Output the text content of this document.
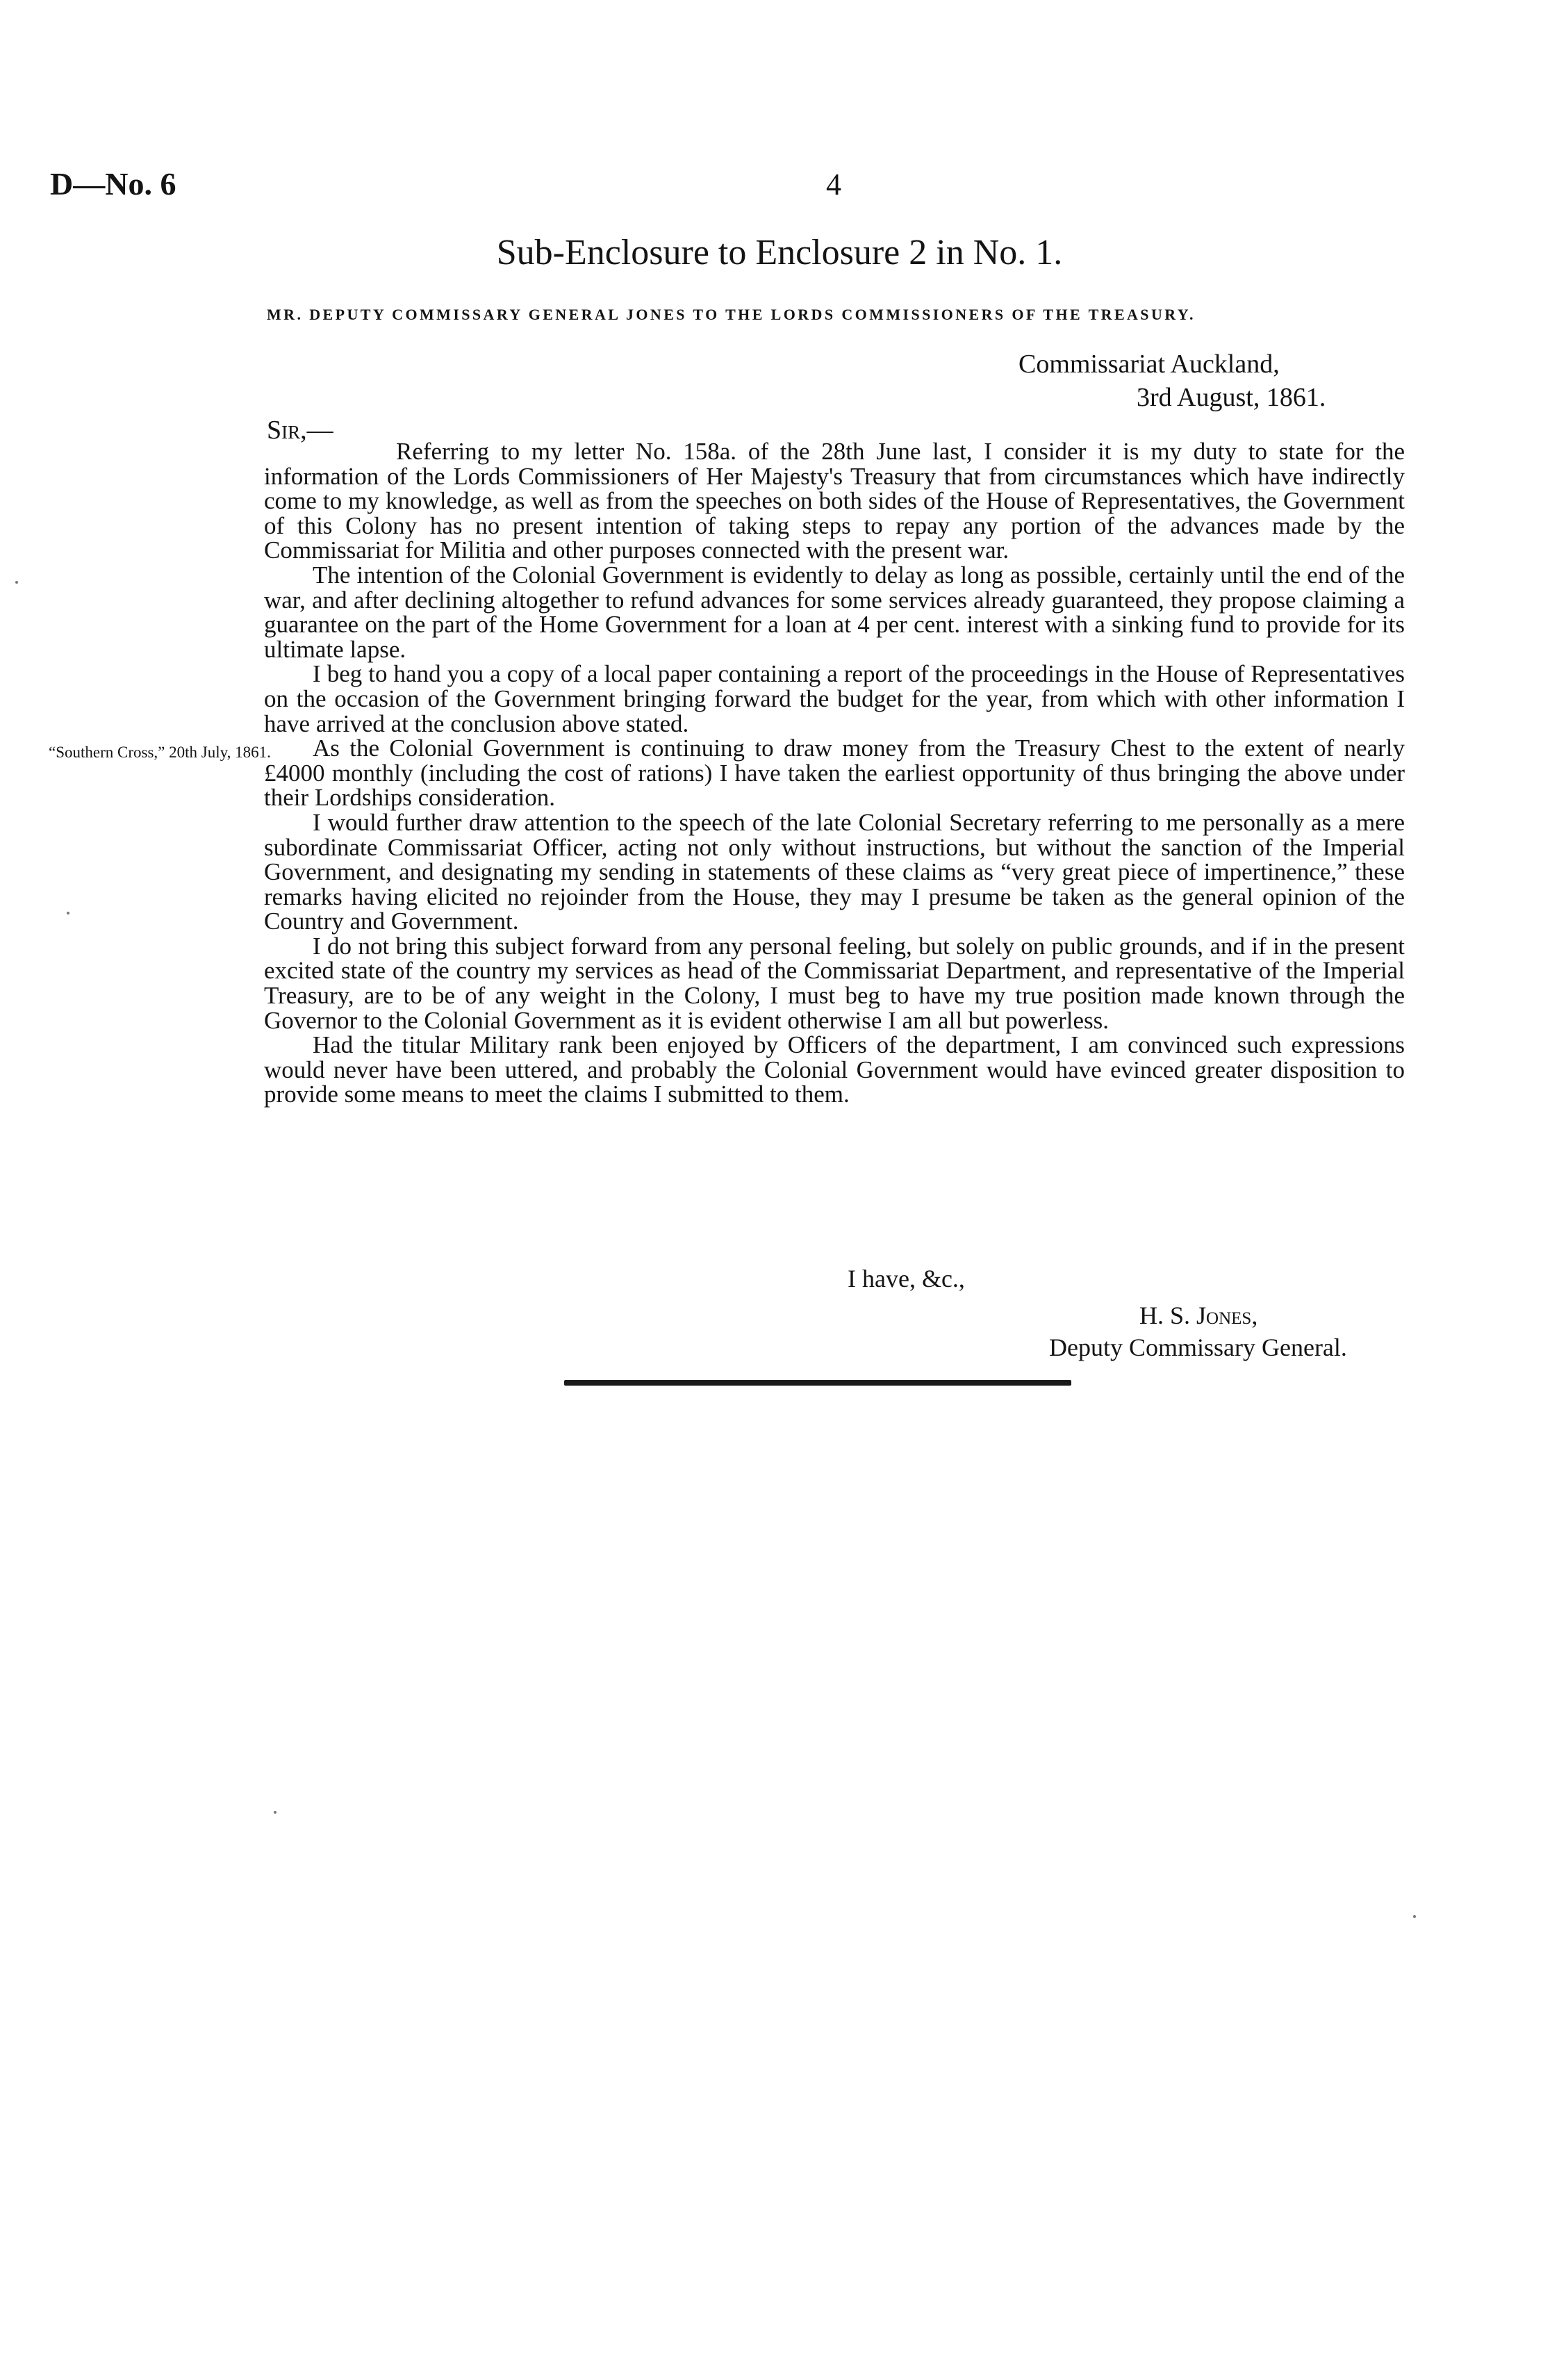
D—No. 6	4
Sub-Enclosure to Enclosure 2 in No. 1.
MR. DEPUTY COMMISSARY GENERAL JONES TO THE LORDS COMMISSIONERS OF THE TREASURY.
Commissariat Auckland,
3rd August, 1861.
Sir,—

Referring to my letter No. 158a. of the 28th June last, I consider it is my duty to state for the information of the Lords Commissioners of Her Majesty's Treasury that from circumstances which have indirectly come to my knowledge, as well as from the speeches on both sides of the House of Representatives, the Government of this Colony has no present intention of taking steps to repay any portion of the advances made by the Commissariat for Militia and other purposes connected with the present war.

The intention of the Colonial Government is evidently to delay as long as possible, certainly until the end of the war, and after declining altogether to refund advances for some services already guaranteed, they propose claiming a guarantee on the part of the Home Government for a loan at 4 per cent. interest with a sinking fund to provide for its ultimate lapse.

I beg to hand you a copy of a local paper containing a report of the proceedings in the House of Representatives on the occasion of the Government bringing forward the budget for the year, from which with other information I have arrived at the conclusion above stated.

As the Colonial Government is continuing to draw money from the Treasury Chest to the extent of nearly £4000 monthly (including the cost of rations) I have taken the earliest opportunity of thus bringing the above under their Lordships consideration.

I would further draw attention to the speech of the late Colonial Secretary referring to me personally as a mere subordinate Commissariat Officer, acting not only without instructions, but without the sanction of the Imperial Government, and designating my sending in statements of these claims as “very great piece of impertinence,” these remarks having elicited no rejoinder from the House, they may I presume be taken as the general opinion of the Country and Government.

I do not bring this subject forward from any personal feeling, but solely on public grounds, and if in the present excited state of the country my services as head of the Commissariat Department, and representative of the Imperial Treasury, are to be of any weight in the Colony, I must beg to have my true position made known through the Governor to the Colonial Government as it is evident otherwise I am all but powerless.

Had the titular Military rank been enjoyed by Officers of the department, I am convinced such expressions would never have been uttered, and probably the Colonial Government would have evinced greater disposition to provide some means to meet the claims I submitted to them.

“Southern Cross,” 20th July, 1861.
I have, &c.,
H. S. Jones,
Deputy Commissary General.
